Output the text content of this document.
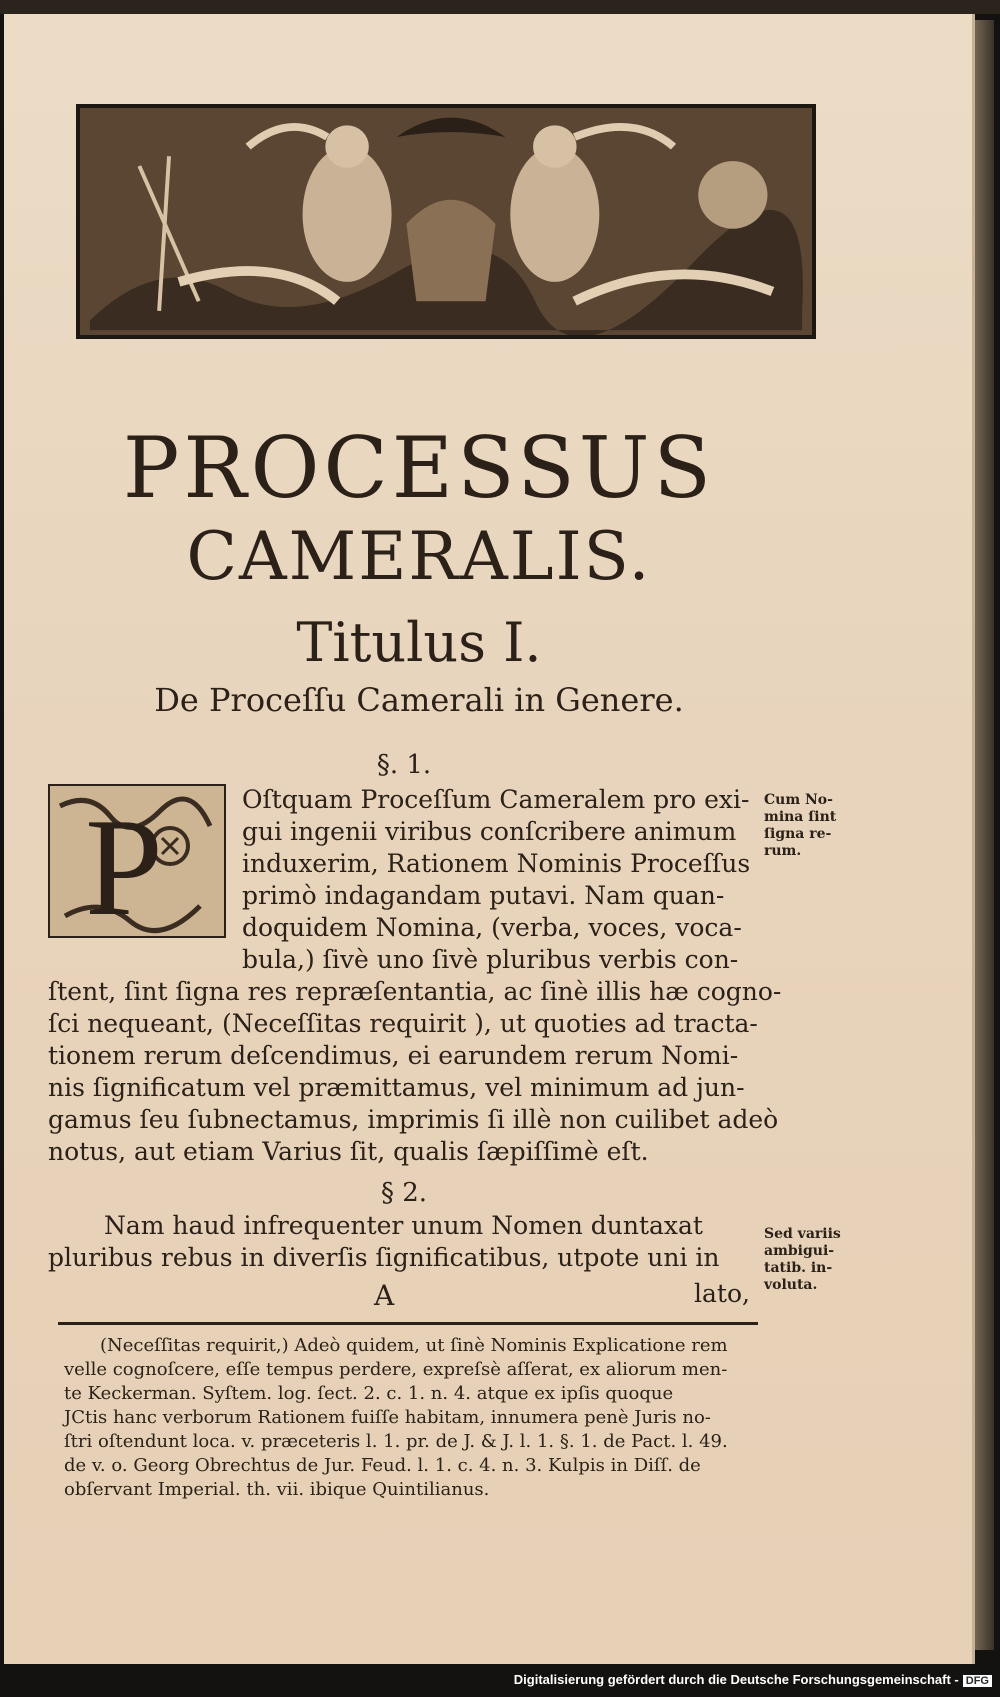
PROCESSUS
CAMERALIS.
Titulus I.
De Proceſſu Camerali in Genere.
§. 1.
P	Oſtquam Proceſſum Cameralem pro exi-
gui ingenii viribus conſcribere animum
induxerim, Rationem Nominis Proceſſus
primò indagandam putavi. Nam quan-
doquidem Nomina, (verba, voces, voca-
bula,) ſivè uno ſivè pluribus verbis con-
ſtent, ſint ſigna res repræſentantia, ac ſinè illis hæ cogno-
ſci nequeant, (Neceſſitas requirit ), ut quoties ad tracta-
tionem rerum deſcendimus, ei earundem rerum Nomi-
nis ſignificatum vel præmittamus, vel minimum ad jun-
gamus ſeu ſubnectamus, imprimis ſi illè non cuilibet adeò
notus, aut etiam Varius ſit, qualis ſæpiſſimè eſt.
§ 2.
Nam haud infrequenter unum Nomen duntaxat
pluribus rebus in diverſis ſignificatibus, utpote uni in
Cum No-
mina ſint
ſigna re-
rum.
Sed variis
ambigui-
tatib. in-
voluta.
A	lato,
(Neceſſitas requirit,) Adeò quidem, ut ſinè Nominis Explicatione rem
velle cognoſcere, eſſe tempus perdere, expreſsè aſſerat, ex aliorum men-
te Keckerman. Syſtem. log. ſect. 2. c. 1. n. 4. atque ex ipſis quoque
JCtis hanc verborum Rationem fuiſſe habitam, innumera penè Juris no-
ſtri oſtendunt loca. v. præceteris l. 1. pr. de J. & J. l. 1. §. 1. de Pact. l. 49.
de v. o. Georg Obrechtus de Jur. Feud. l. 1. c. 4. n. 3. Kulpis in Diſſ. de
obſervant Imperial. th. vii. ibique Quintilianus.
Digitalisierung gefördert durch die Deutsche Forschungsgemeinschaft - DFG
